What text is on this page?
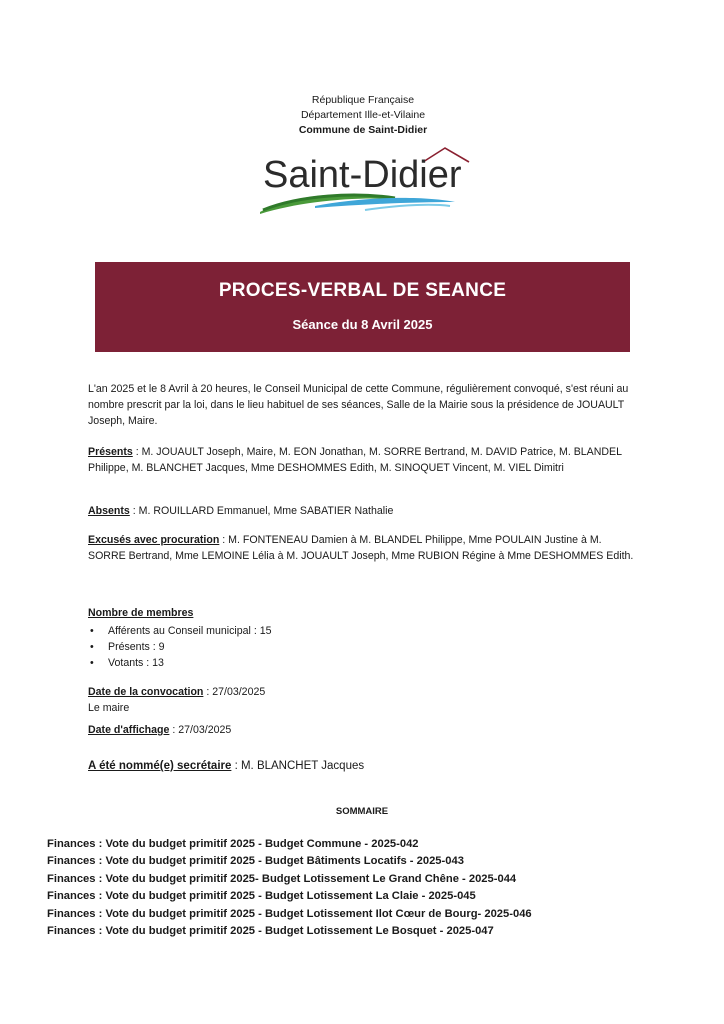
République Française
Département Ille-et-Vilaine
Commune de Saint-Didier
Saint-Didier
PROCES-VERBAL DE SEANCE
Séance du 8 Avril 2025
L'an 2025 et le 8 Avril à 20 heures, le Conseil Municipal de cette Commune, régulièrement convoqué, s'est réuni au nombre prescrit par la loi, dans le lieu habituel de ses séances, Salle de la Mairie sous la présidence de JOUAULT Joseph, Maire.
Présents : M. JOUAULT Joseph, Maire, M. EON Jonathan, M. SORRE Bertrand, M. DAVID Patrice, M. BLANDEL Philippe, M. BLANCHET Jacques, Mme DESHOMMES Edith, M. SINOQUET Vincent, M. VIEL Dimitri
Absents : M. ROUILLARD Emmanuel, Mme SABATIER Nathalie
Excusés avec procuration : M. FONTENEAU Damien à M. BLANDEL Philippe, Mme POULAIN Justine à M. SORRE Bertrand, Mme LEMOINE Lélia à M. JOUAULT Joseph, Mme RUBION Régine à Mme DESHOMMES Edith.
Nombre de membres
• Afférents au Conseil municipal : 15
• Présents : 9
• Votants : 13
Date de la convocation : 27/03/2025
Le maire
Date d'affichage : 27/03/2025
A été nommé(e) secrétaire : M. BLANCHET Jacques
SOMMAIRE
Finances : Vote du budget primitif 2025 - Budget Commune - 2025-042
Finances : Vote du budget primitif 2025 - Budget Bâtiments Locatifs - 2025-043
Finances : Vote du budget primitif 2025- Budget Lotissement Le Grand Chêne - 2025-044
Finances : Vote du budget primitif 2025 - Budget Lotissement La Claie - 2025-045
Finances : Vote du budget primitif 2025 - Budget Lotissement Ilot Cœur de Bourg- 2025-046
Finances : Vote du budget primitif 2025 - Budget Lotissement Le Bosquet - 2025-047
